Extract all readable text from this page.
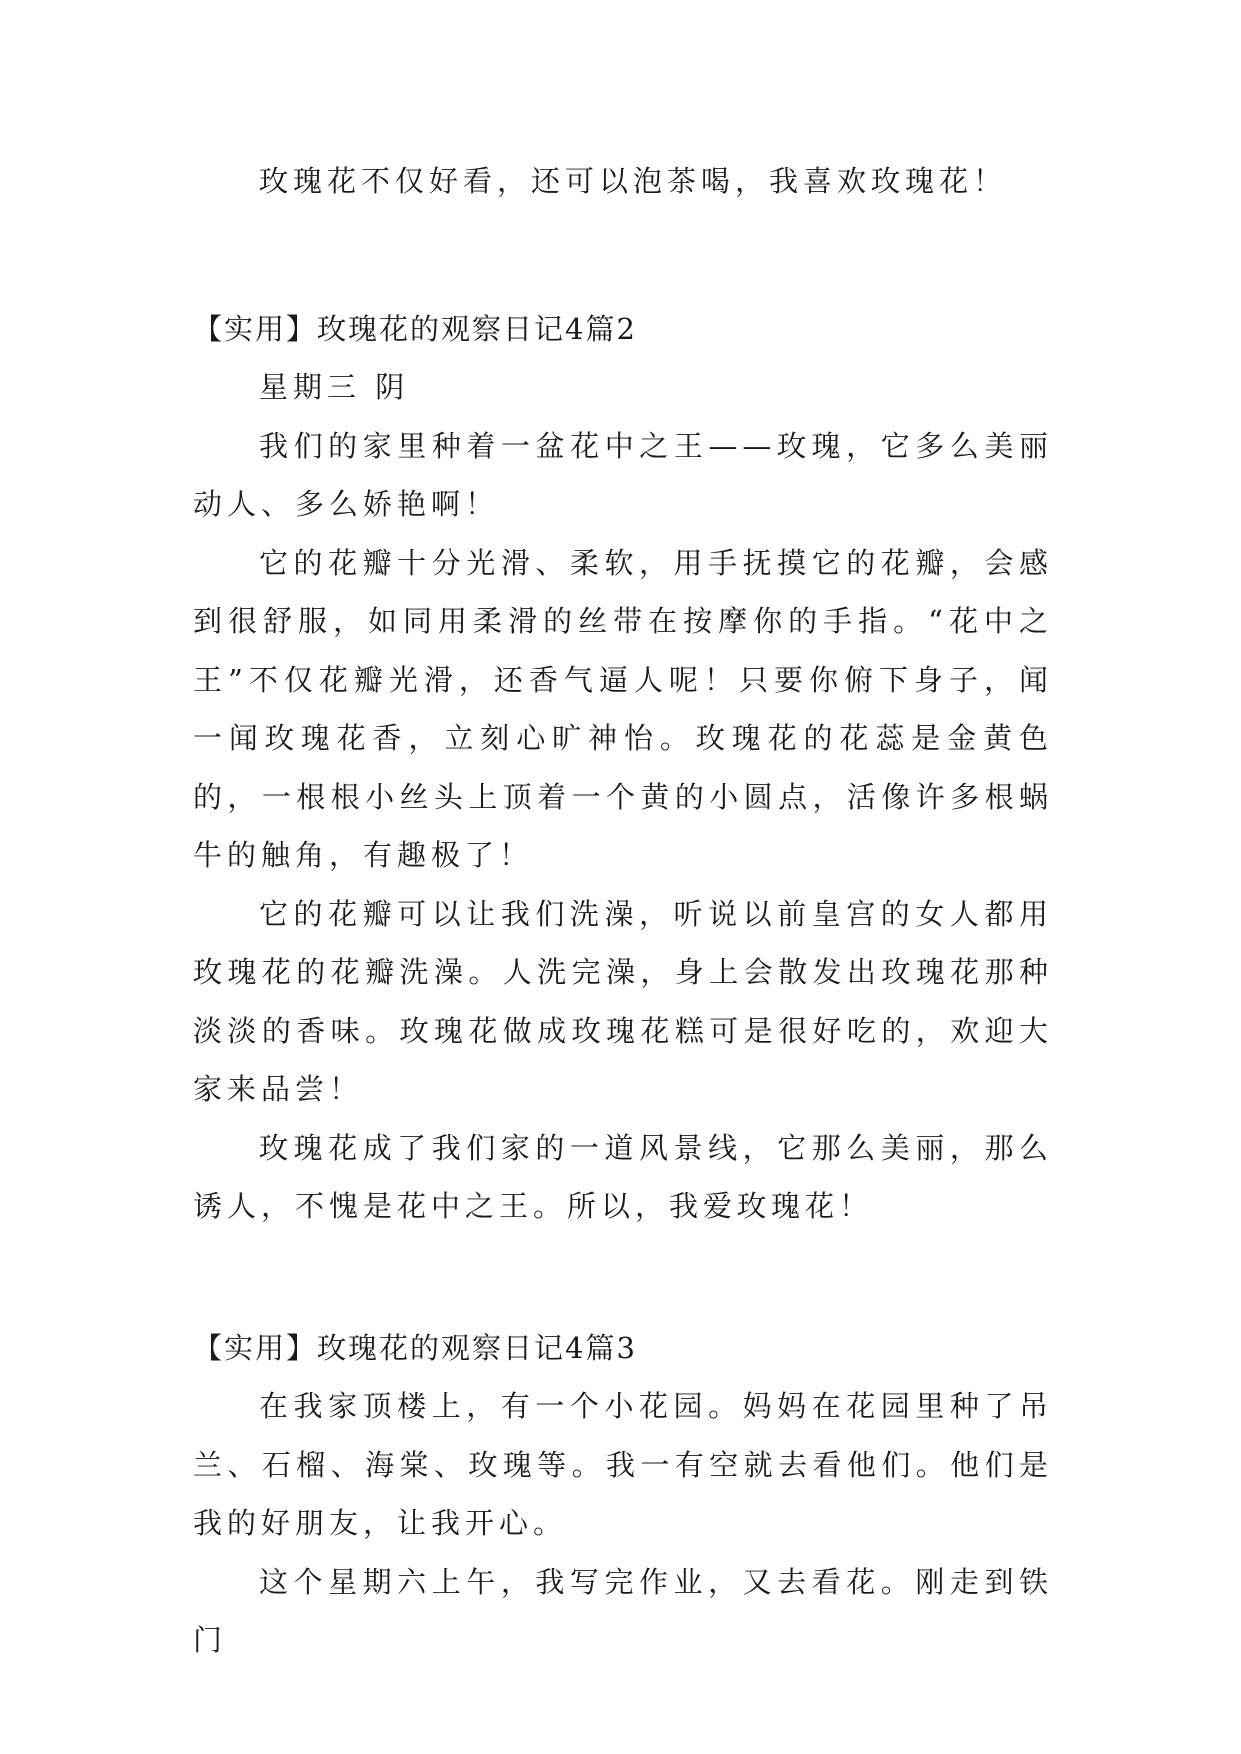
玫瑰花不仅好看，还可以泡茶喝，我喜欢玫瑰花！

【实用】玫瑰花的观察日记4篇2

星期三 阴

我们的家里种着一盆花中之王——玫瑰，它多么美丽动人、多么娇艳啊！

它的花瓣十分光滑、柔软，用手抚摸它的花瓣，会感到很舒服，如同用柔滑的丝带在按摩你的手指。“花中之王”不仅花瓣光滑，还香气逼人呢！只要你俯下身子，闻一闻玫瑰花香，立刻心旷神怡。玫瑰花的花蕊是金黄色的，一根根小丝头上顶着一个黄的小圆点，活像许多根蜗牛的触角，有趣极了！

它的花瓣可以让我们洗澡，听说以前皇宫的女人都用玫瑰花的花瓣洗澡。人洗完澡，身上会散发出玫瑰花那种淡淡的香味。玫瑰花做成玫瑰花糕可是很好吃的，欢迎大家来品尝！

玫瑰花成了我们家的一道风景线，它那么美丽，那么诱人，不愧是花中之王。所以，我爱玫瑰花！

【实用】玫瑰花的观察日记4篇3

在我家顶楼上，有一个小花园。妈妈在花园里种了吊兰、石榴、海棠、玫瑰等。我一有空就去看他们。他们是我的好朋友，让我开心。

这个星期六上午，我写完作业，又去看花。刚走到铁门
